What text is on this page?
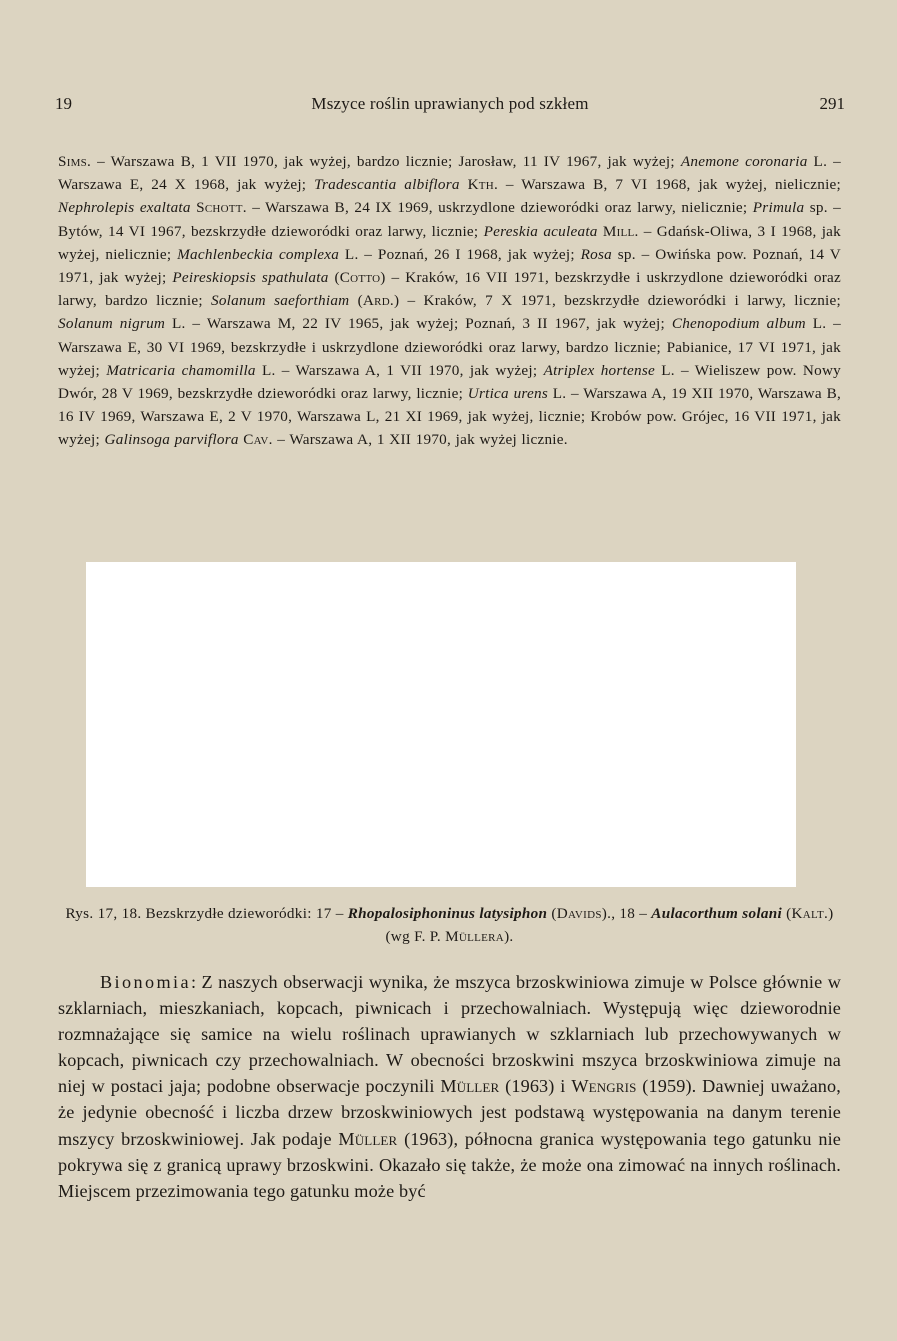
19	Mszyce roślin uprawianych pod szkłem	291

Sims. – Warszawa B, 1 VII 1970, jak wyżej, bardzo licznie; Jarosław, 11 IV 1967, jak wyżej; Anemone coronaria L. – Warszawa E, 24 X 1968, jak wyżej; Tradescantia albiflora Kth. – Warszawa B, 7 VI 1968, jak wyżej, nielicznie; Nephrolepis exaltata Schott. – Warszawa B, 24 IX 1969, uskrzydlone dzieworódki oraz larwy, nielicznie; Primula sp. – Bytów, 14 VI 1967, bezskrzydłe dzieworódki oraz larwy, licznie; Pereskia aculeata Mill. – Gdańsk-Oliwa, 3 I 1968, jak wyżej, nielicznie; Machlenbeckia complexa L. – Poznań, 26 I 1968, jak wyżej; Rosa sp. – Owińska pow. Poznań, 14 V 1971, jak wyżej; Peireskiopsis spathulata (Cotto) – Kraków, 16 VII 1971, bezskrzydłe i uskrzydlone dzieworódki oraz larwy, bardzo licznie; Solanum saeforthiam (Ard.) – Kraków, 7 X 1971, bezskrzydłe dzieworódki i larwy, licznie; Solanum nigrum L. – Warszawa M, 22 IV 1965, jak wyżej; Poznań, 3 II 1967, jak wyżej; Chenopodium album L. – Warszawa E, 30 VI 1969, bezskrzydłe i uskrzydlone dzieworódki oraz larwy, bardzo licznie; Pabianice, 17 VI 1971, jak wyżej; Matricaria chamomilla L. – Warszawa A, 1 VII 1970, jak wyżej; Atriplex hortense L. – Wieliszew pow. Nowy Dwór, 28 V 1969, bezskrzydłe dzieworódki oraz larwy, licznie; Urtica urens L. – Warszawa A, 19 XII 1970, Warszawa B, 16 IV 1969, Warszawa E, 2 V 1970, Warszawa L, 21 XI 1969, jak wyżej, licznie; Krobów pow. Grójec, 16 VII 1971, jak wyżej; Galinsoga parviflora Cav. – Warszawa A, 1 XII 1970, jak wyżej licznie.

Rys. 17, 18. Bezskrzydłe dzieworódki: 17 – Rhopalosiphoninus latysiphon (Davids)., 18 – Aulacorthum solani (Kalt.) (wg F. P. Müllera).

Bionomia: Z naszych obserwacji wynika, że mszyca brzoskwiniowa zimuje w Polsce głównie w szklarniach, mieszkaniach, kopcach, piwnicach i przechowalniach. Występują więc dzieworodnie rozmnażające się samice na wielu roślinach uprawianych w szklarniach lub przechowywanych w kopcach, piwnicach czy przechowalniach. W obecności brzoskwini mszyca brzoskwiniowa zimuje na niej w postaci jaja; podobne obserwacje poczynili Müller (1963) i Wengris (1959). Dawniej uważano, że jedynie obecność i liczba drzew brzoskwiniowych jest podstawą występowania na danym terenie mszycy brzoskwiniowej. Jak podaje Müller (1963), północna granica występowania tego gatunku nie pokrywa się z granicą uprawy brzoskwini. Okazało się także, że może ona zimować na innych roślinach. Miejscem przezimowania tego gatunku może być
